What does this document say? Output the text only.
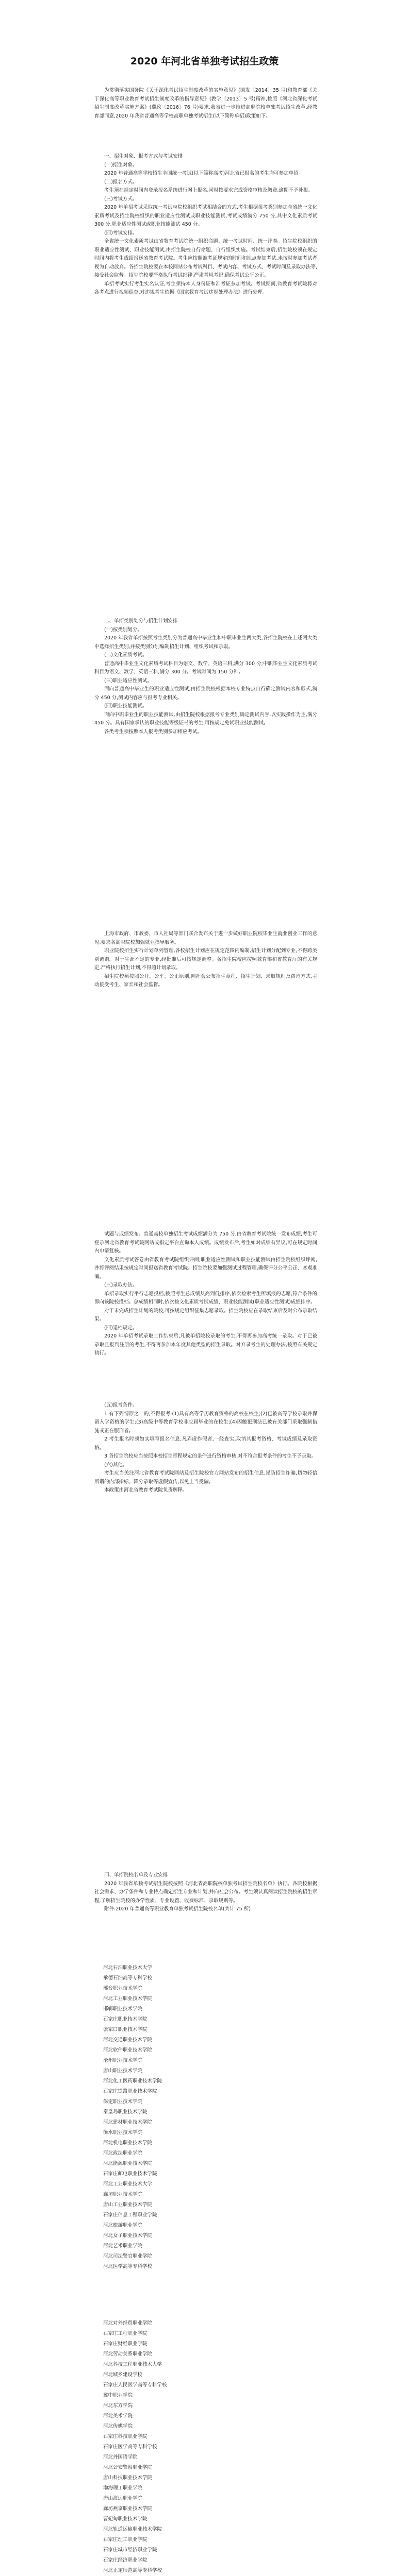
2020 年河北省单独考试招生政策

为贯彻落实国务院《关于深化考试招生制度改革的实施意见》(国发〔2014〕35 号)和教育部《关于深化高等职业教育考试招生制度改革的指导意见》(教学〔2013〕5 号)精神,按照《河北省深化考试招生制度改革实施方案》(冀政〔2016〕76 号)要求,我省进一步推进高职院校单独考试招生改革,经教育部同意,2020 年我省普通高等学校高职单独考试招生(以下简称单招)政策如下。

一、招生对象、报考方式与考试安排

(一)招生对象。

2020 年普通高等学校招生全国统一考试(以下简称高考)河北省已报名的考生均可参加单招。

(二)报名方式。

考生须在规定时间内登录报名系统进行网上报名,同时按要求完成资格审核及缴费,逾期不予补报。

(三)考试方式。

2020 年单招考试采取统一考试与院校组织考试相结合的方式,考生根据报考类别参加全省统一文化素质考试及招生院校组织的职业适应性测试或职业技能测试,考试成绩满分 750 分,其中文化素质考试 300 分,职业适应性测试或职业技能测试 450 分。

(四)考试安排。

全省统一文化素质考试由省教育考试院统一组织命题、统一考试时间、统一评卷。招生院校组织的职业适应性测试、职业技能测试,由招生院校自行命题、自行组织实施。考试结束后,招生院校须在规定时间内将考生成绩报送省教育考试院。考生应按照准考证规定的时间和地点参加考试,未按时参加考试者视为自动放弃。各招生院校要在本校网站公布考试科目、考试内容、考试方式、考试时间及录取办法等,接受社会监督。招生院校要严格执行考试纪律,严肃考风考纪,确保考试公平公正。

单招考试实行考生实名认证,考生须持本人身份证和准考证参加考试。考试期间,省教育考试院将对各考点进行视频巡查,对违规考生依据《国家教育考试违规处理办法》进行处理。

二、单招类别划分与招生计划安排

(一)按类别划分。

2020 年我省单招按照考生类别分为普通高中毕业生和中职毕业生两大类,各招生院校在上述两大类中选择招生类别,并按类别分别编制招生计划、组织考试和录取。

(二)文化素质考试。

普通高中毕业生文化素质考试科目为语文、数学、英语三科,满分 300 分;中职毕业生文化素质考试科目为语文、数学、英语三科,满分 300 分。考试时间为 150 分钟。

(三)职业适应性测试。

面向普通高中毕业生的职业适应性测试,由招生院校根据本校专业特点自行确定测试内容和形式,满分 450 分,测试内容应与报考专业相关。

(四)职业技能测试。

面向中职毕业生的职业技能测试,由招生院校根据报考专业类别确定测试内容,以实践操作为主,满分 450 分。具有国家承认的职业技能等级证书的考生,可按规定免试职业技能测试。

各类考生须按照本人报考类别参加相应考试。

上海市政府、市教委、市人社局等部门联合发布关于进一步做好职业院校毕业生就业创业工作的意见,要求各高职院校加强就业指导服务。

职业院校招生实行计划单列管理,各校招生计划应在规定范围内编制,招生计划分配到专业,不得跨类别调剂。对于生源不足的专业,经批准后可按规定调整。各招生院校应按照教育部和省教育厅的有关规定,严格执行招生计划,不得超计划录取。

招生院校须按照公开、公平、公正原则,向社会公布招生章程、招生计划、录取规则及咨询方式,主动接受考生、家长和社会监督。

试题与成绩发布。普通高校单独招生考试成绩满分为 750 分,由省教育考试院统一发布成绩,考生可登录河北省教育考试院网站或指定平台查询本人成绩。成绩发布后,考生如对成绩有异议,可在规定时间内申请复核。

文化素质考试答卷由省教育考试院组织评阅;职业适应性测试和职业技能测试由招生院校组织评阅,并将评阅结果按规定时间报送省教育考试院。招生院校要加强测试过程管理,确保评分公平公正、客观准确。

(三)录取办法。

单招录取实行平行志愿投档,按照考生总成绩从高到低排序,依次检索考生所填报的志愿,符合条件的即向该院校投档。总成绩相同时,依次按文化素质考试成绩、职业技能测试(职业适应性测试)成绩排序。

对于未完成招生计划的院校,可按规定组织征集志愿录取。招生院校应在录取结束后及时公布录取结果。

(四)退档规定。

2020 年单招考试录取工作结束后,凡被单招院校录取的考生,不得再参加高考统一录取。对于已被录取且报到注册的考生,不得再参加本年度其他类型的招生录取。对弃录考生的处理办法,按照有关规定执行。

(五)报考条件。

1.有下列情形之一的,不得报考:(1)具有高等学历教育资格的高校在校生;(2)已被高等学校录取并保留入学资格的学生;(3)高级中等教育学校非应届毕业的在校生;(4)因触犯刑法已被有关部门采取强制措施或正在服刑者。

2.考生报名时须如实填写报名信息,凡弄虚作假者,一经查实,取消其报考资格、考试成绩及录取资格。

3.各招生院校应当按照本校招生章程规定的条件进行资格审核,对不符合报考条件的考生不予录取。

(六)其他。

考生应当关注河北省教育考试院网站及招生院校官方网站发布的招生信息,谨防招生诈骗,切勿轻信所谓的内部指标、降分录取等虚假宣传,以免上当受骗。

本政策由河北省教育考试院负责解释。

四、单招院校名单及专业安排

2020 年我省单独考试招生院校按照《河北省高职院校单独考试招生院校名单》执行。各院校根据社会需求、办学条件和专业特点确定招生专业和计划,并向社会公布。考生须认真阅读招生院校的招生章程,了解招生院校的办学性质、专业设置、收费标准、录取规则等。

附件:2020 年普通高等职业教育单独考试招生院校名单(共计 75 所)

河北石油职业技术大学
承德石油高等专科学校
邢台职业技术学院
河北工业职业技术学院
邯郸职业技术学院
石家庄职业技术学院
张家口职业技术学院
河北交通职业技术学院
河北软件职业技术学院
沧州职业技术学院
唐山职业技术学院
河北化工医药职业技术学院
石家庄铁路职业技术学院
保定职业技术学院
秦皇岛职业技术学院
河北建材职业技术学院
衡水职业技术学院
河北机电职业技术学院
河北政法职业学院
河北能源职业技术学院
石家庄邮电职业技术学院
河北工业职业技术大学
廊坊职业技术学院
唐山工业职业技术学院
石家庄信息工程职业学院
河北旅游职业学院
河北女子职业技术学院
河北艺术职业学院
河北司法警官职业学院
河北医学高等专科学校
河北对外经贸职业学院
石家庄工程职业学院
石家庄财经职业学院
河北劳动关系职业学院
河北科技工程职业技术大学
河北城乡建设学校
石家庄人民医学高等专科学校
冀中职业学院
河北东方学院
河北美术学院
河北传媒学院
石家庄科技职业学院
石家庄医学高等专科学校
河北外国语学院
河北公安警察职业学院
唐山科技职业技术学院
渤海理工职业学院
唐山海运职业学院
廊坊燕京职业技术学院
曹妃甸职业技术学院
河北轨道运输职业技术学院
石家庄理工职业学院
石家庄城市经济职业学院
石家庄经济职业学院
河北正定师范高等专科学校
